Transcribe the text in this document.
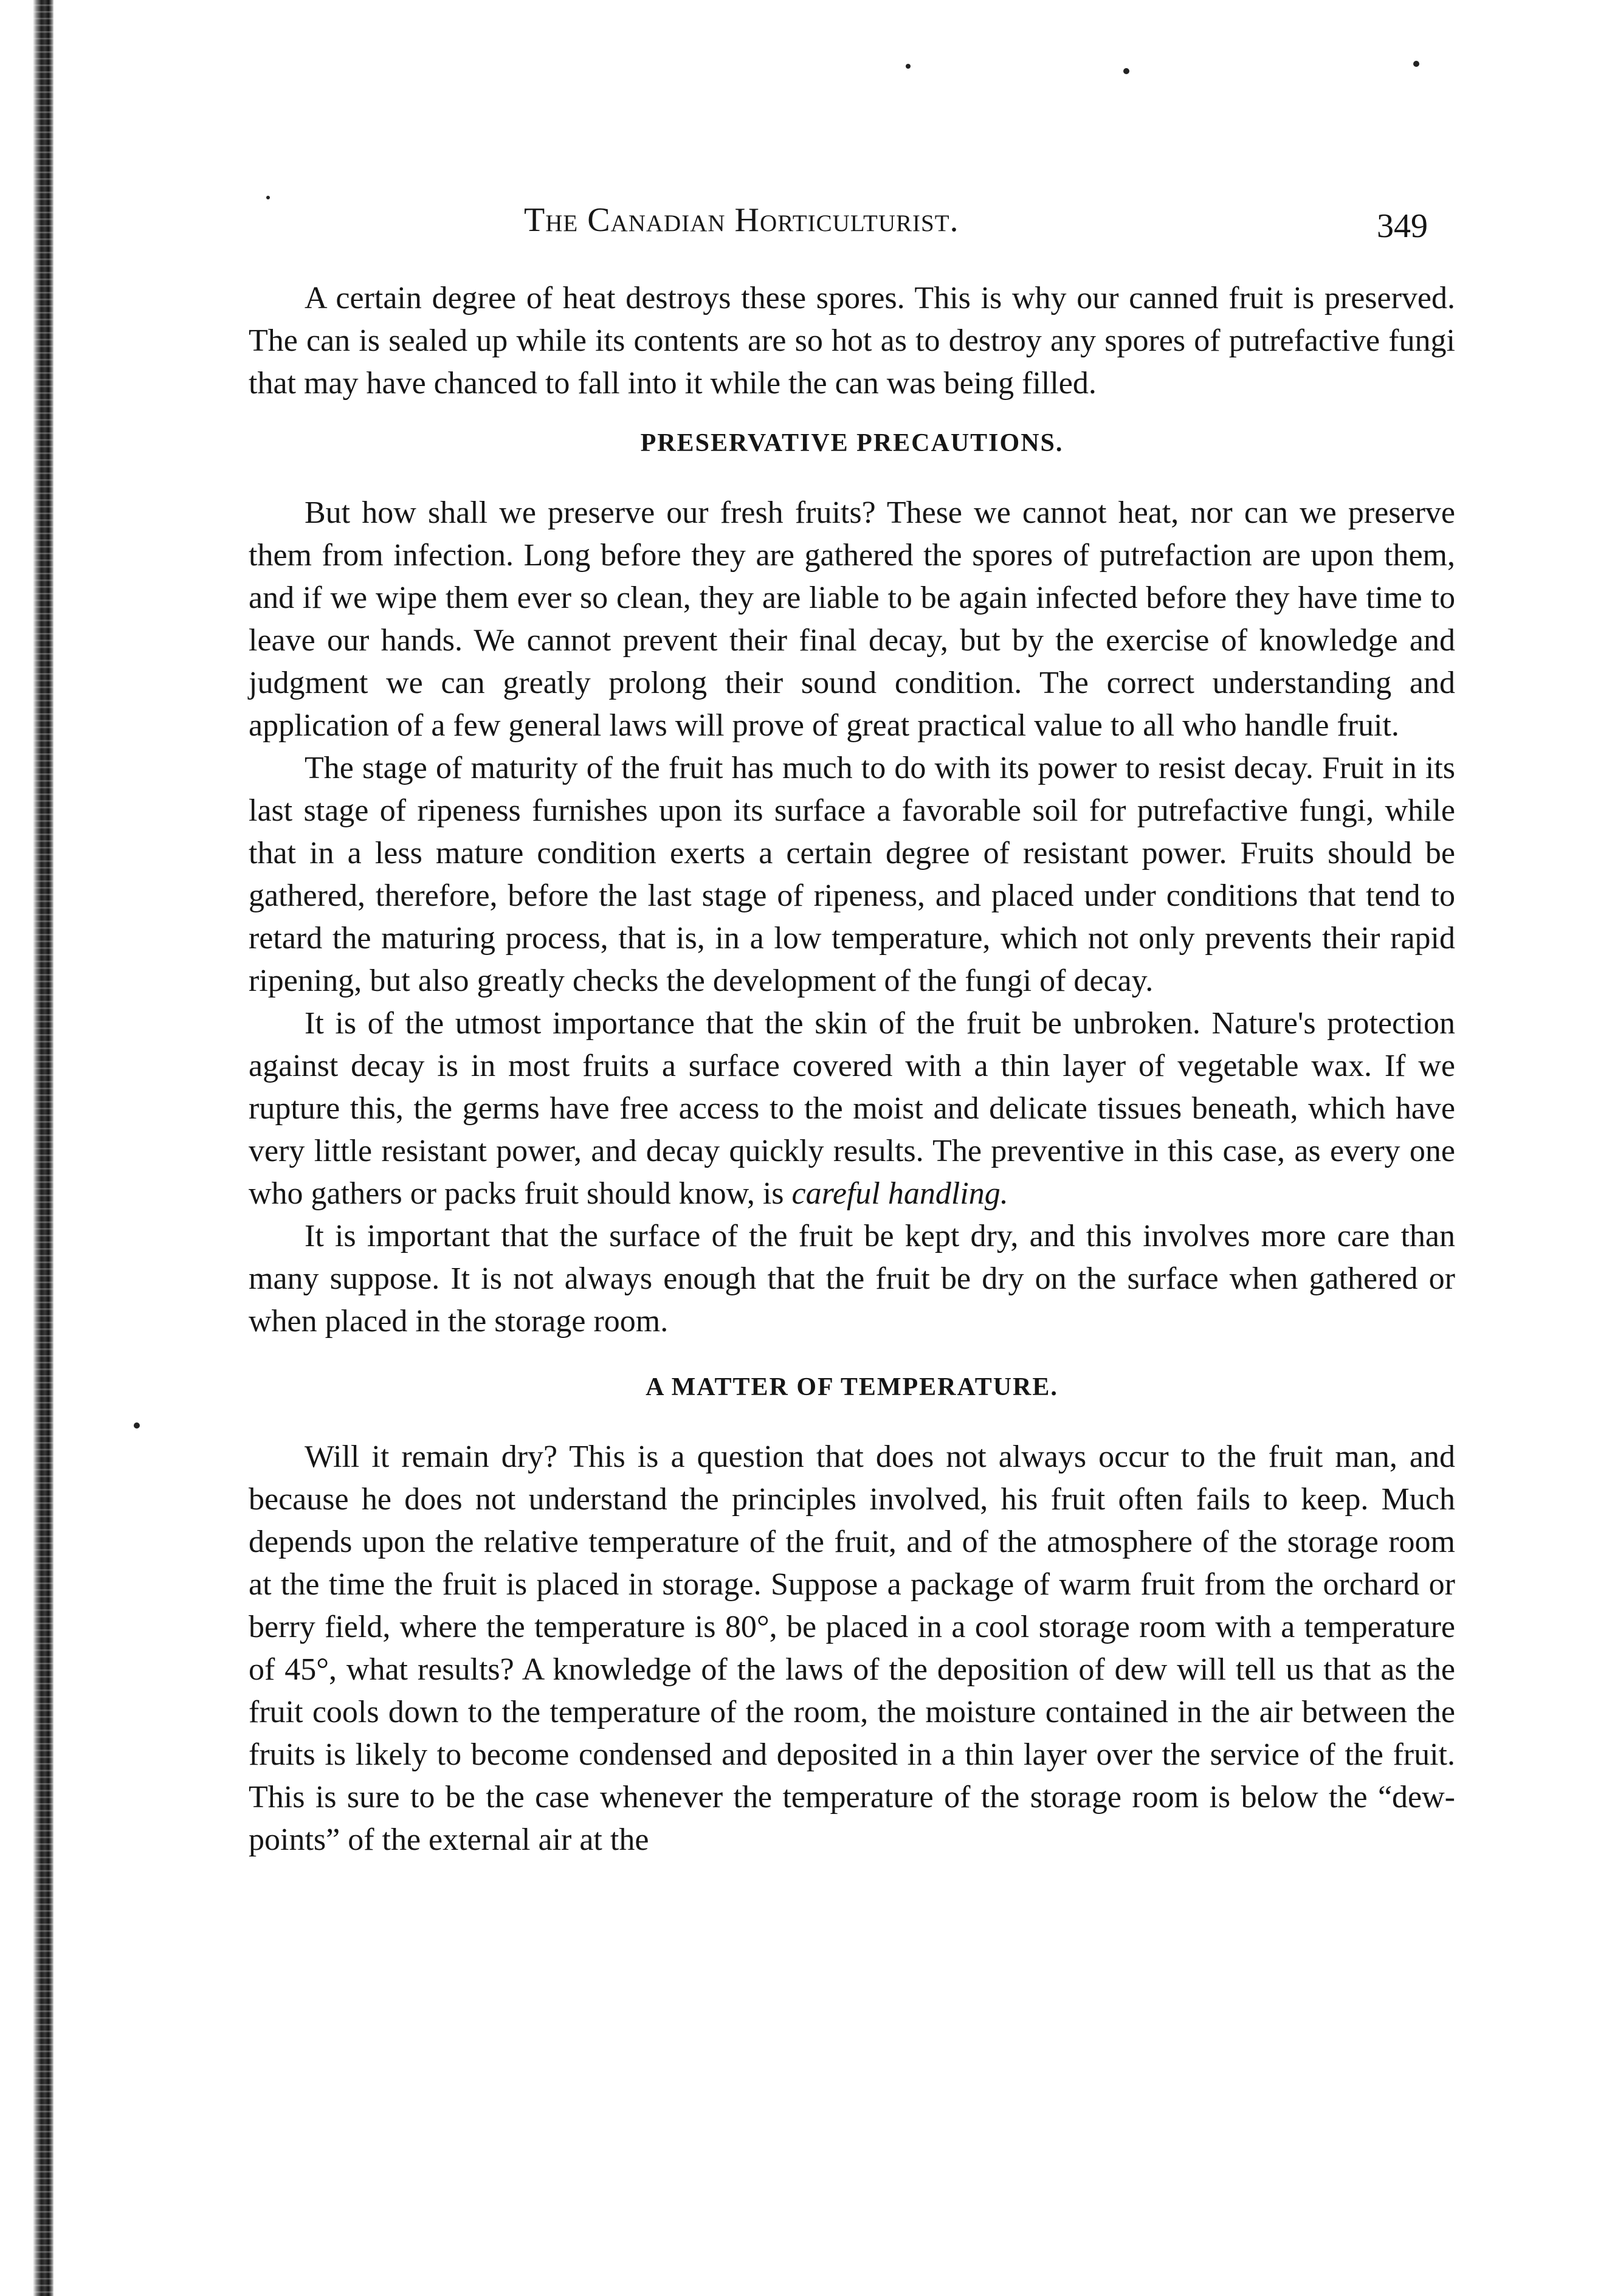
The Canadian Horticulturist.	349

A certain degree of heat destroys these spores. This is why our canned fruit is preserved. The can is sealed up while its contents are so hot as to destroy any spores of putrefactive fungi that may have chanced to fall into it while the can was being filled.

PRESERVATIVE PRECAUTIONS.

But how shall we preserve our fresh fruits? These we cannot heat, nor can we preserve them from infection. Long before they are gathered the spores of putrefaction are upon them, and if we wipe them ever so clean, they are liable to be again infected before they have time to leave our hands. We cannot prevent their final decay, but by the exercise of knowledge and judgment we can greatly prolong their sound condition. The correct understanding and application of a few general laws will prove of great practical value to all who handle fruit.

The stage of maturity of the fruit has much to do with its power to resist decay. Fruit in its last stage of ripeness furnishes upon its surface a favorable soil for putrefactive fungi, while that in a less mature condition exerts a certain degree of resistant power. Fruits should be gathered, therefore, before the last stage of ripeness, and placed under conditions that tend to retard the maturing process, that is, in a low temperature, which not only prevents their rapid ripening, but also greatly checks the development of the fungi of decay.

It is of the utmost importance that the skin of the fruit be unbroken. Nature's protection against decay is in most fruits a surface covered with a thin layer of vegetable wax. If we rupture this, the germs have free access to the moist and delicate tissues beneath, which have very little resistant power, and decay quickly results. The preventive in this case, as every one who gathers or packs fruit should know, is careful handling.

It is important that the surface of the fruit be kept dry, and this involves more care than many suppose. It is not always enough that the fruit be dry on the surface when gathered or when placed in the storage room.

A MATTER OF TEMPERATURE.

Will it remain dry? This is a question that does not always occur to the fruit man, and because he does not understand the principles involved, his fruit often fails to keep. Much depends upon the relative temperature of the fruit, and of the atmosphere of the storage room at the time the fruit is placed in storage. Suppose a package of warm fruit from the orchard or berry field, where the temperature is 80°, be placed in a cool storage room with a temperature of 45°, what results? A knowledge of the laws of the deposition of dew will tell us that as the fruit cools down to the temperature of the room, the moisture contained in the air between the fruits is likely to become condensed and deposited in a thin layer over the service of the fruit. This is sure to be the case whenever the temperature of the storage room is below the “dew-points” of the external air at the
